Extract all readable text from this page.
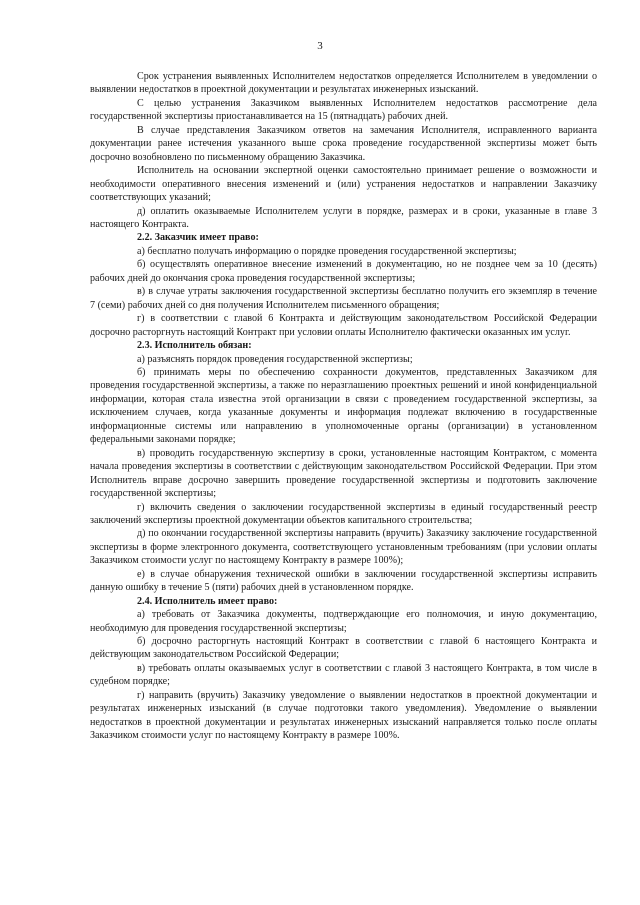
3

Срок устранения выявленных Исполнителем недостатков определяется Исполнителем в уведомлении о выявлении недостатков в проектной документации и результатах инженерных изысканий.

С целью устранения Заказчиком выявленных Исполнителем недостатков рассмотрение дела государственной экспертизы приостанавливается на 15 (пятнадцать) рабочих дней.

В случае представления Заказчиком ответов на замечания Исполнителя, исправленного варианта документации ранее истечения указанного выше срока проведение государственной экспертизы может быть досрочно возобновлено по письменному обращению Заказчика.

Исполнитель на основании экспертной оценки самостоятельно принимает решение о возможности и необходимости оперативного внесения изменений и (или) устранения недостатков и направлении Заказчику соответствующих указаний;

д) оплатить оказываемые Исполнителем услуги в порядке, размерах и в сроки, указанные в главе 3 настоящего Контракта.

2.2. Заказчик имеет право:

а) бесплатно получать информацию о порядке проведения государственной экспертизы;

б) осуществлять оперативное внесение изменений в документацию, но не позднее чем за 10 (десять) рабочих дней до окончания срока проведения государственной экспертизы;

в) в случае утраты заключения государственной экспертизы бесплатно получить его экземпляр в течение 7 (семи) рабочих дней со дня получения Исполнителем письменного обращения;

г) в соответствии с главой 6 Контракта и действующим законодательством Российской Федерации досрочно расторгнуть настоящий Контракт при условии оплаты Исполнителю фактически оказанных им услуг.

2.3. Исполнитель обязан:

а) разъяснять порядок проведения государственной экспертизы;

б) принимать меры по обеспечению сохранности документов, представленных Заказчиком для проведения государственной экспертизы, а также по неразглашению проектных решений и иной конфиденциальной информации, которая стала известна этой организации в связи с проведением государственной экспертизы, за исключением случаев, когда указанные документы и информация подлежат включению в государственные информационные системы или направлению в уполномоченные органы (организации) в установленном федеральными законами порядке;

в) проводить государственную экспертизу в сроки, установленные настоящим Контрактом, с момента начала проведения экспертизы в соответствии с действующим законодательством Российской Федерации. При этом Исполнитель вправе досрочно завершить проведение государственной экспертизы и подготовить заключение государственной экспертизы;

г) включить сведения о заключении государственной экспертизы в единый государственный реестр заключений экспертизы проектной документации объектов капитального строительства;

д) по окончании государственной экспертизы направить (вручить) Заказчику заключение государственной экспертизы в форме электронного документа, соответствующего установленным требованиям (при условии оплаты Заказчиком стоимости услуг по настоящему Контракту в размере 100%);

е) в случае обнаружения технической ошибки в заключении государственной экспертизы исправить данную ошибку в течение 5 (пяти) рабочих дней в установленном порядке.

2.4. Исполнитель имеет право:

а) требовать от Заказчика документы, подтверждающие его полномочия, и иную документацию, необходимую для проведения государственной экспертизы;

б) досрочно расторгнуть настоящий Контракт в соответствии с главой 6 настоящего Контракта и действующим законодательством Российской Федерации;

в) требовать оплаты оказываемых услуг в соответствии с главой 3 настоящего Контракта, в том числе в судебном порядке;

г) направить (вручить) Заказчику уведомление о выявлении недостатков в проектной документации и результатах инженерных изысканий (в случае подготовки такого уведомления). Уведомление о выявлении недостатков в проектной документации и результатах инженерных изысканий направляется только после оплаты Заказчиком стоимости услуг по настоящему Контракту в размере 100%.
